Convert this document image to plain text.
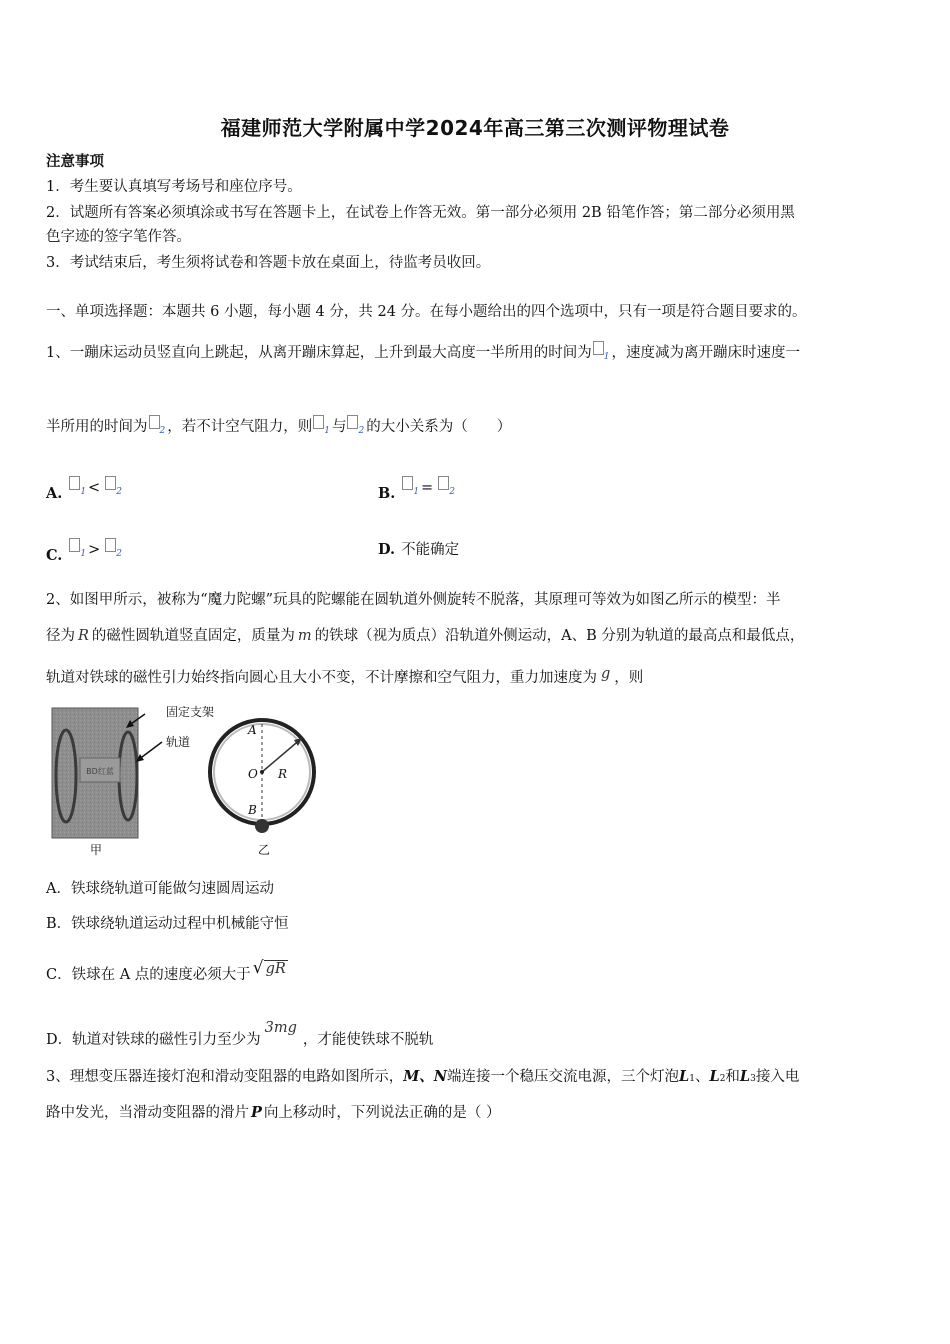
福建师范大学附属中学2024年高三第三次测评物理试卷
注意事项
1．考生要认真填写考场号和座位序号。
2．试题所有答案必须填涂或书写在答题卡上，在试卷上作答无效。第一部分必须用 2B 铅笔作答；第二部分必须用黑
色字迹的签字笔作答。
3．考试结束后，考生须将试卷和答题卡放在桌面上，待监考员收回。
一、单项选择题：本题共 6 小题，每小题 4 分，共 24 分。在每小题给出的四个选项中，只有一项是符合题目要求的。
1、一蹦床运动员竖直向上跳起，从离开蹦床算起，上升到最大高度一半所用的时间为 $_1$ ，速度减为离开蹦床时速度一
半所用的时间为 $_2$ ，若不计空气阻力，则 $_1$ 与 $_2$ 的大小关系为（　　）
A. $^1$ < $^2$	B. $^1$ = $^2$
C. $^1$ > $^2$	D. 不能确定
2、如图甲所示，被称为“魔力陀螺”玩具的陀螺能在圆轨道外侧旋转不脱落，其原理可等效为如图乙所示的模型：半
径为 R 的磁性圆轨道竖直固定，质量为 m 的铁球（视为质点）沿轨道外侧运动，A、B 分别为轨道的最高点和最低点，
轨道对铁球的磁性引力始终指向圆心且大小不变，不计摩擦和空气阻力，重力加速度为 g ，则
BD红蓝
固定支架
轨道
甲
A
O R
B
乙
A．铁球绕轨道可能做匀速圆周运动
B．铁球绕轨道运动过程中机械能守恒
C．铁球在 A 点的速度必须大于 √ gR
D．轨道对铁球的磁性引力至少为3mg，才能使铁球不脱轨
3、理想变压器连接灯泡和滑动变阻器的电路如图所示，M、N端连接一个稳压交流电源，三个灯泡L1、L2和L3接入电
路中发光，当滑动变阻器的滑片 P 向上移动时，下列说法正确的是（ ）
